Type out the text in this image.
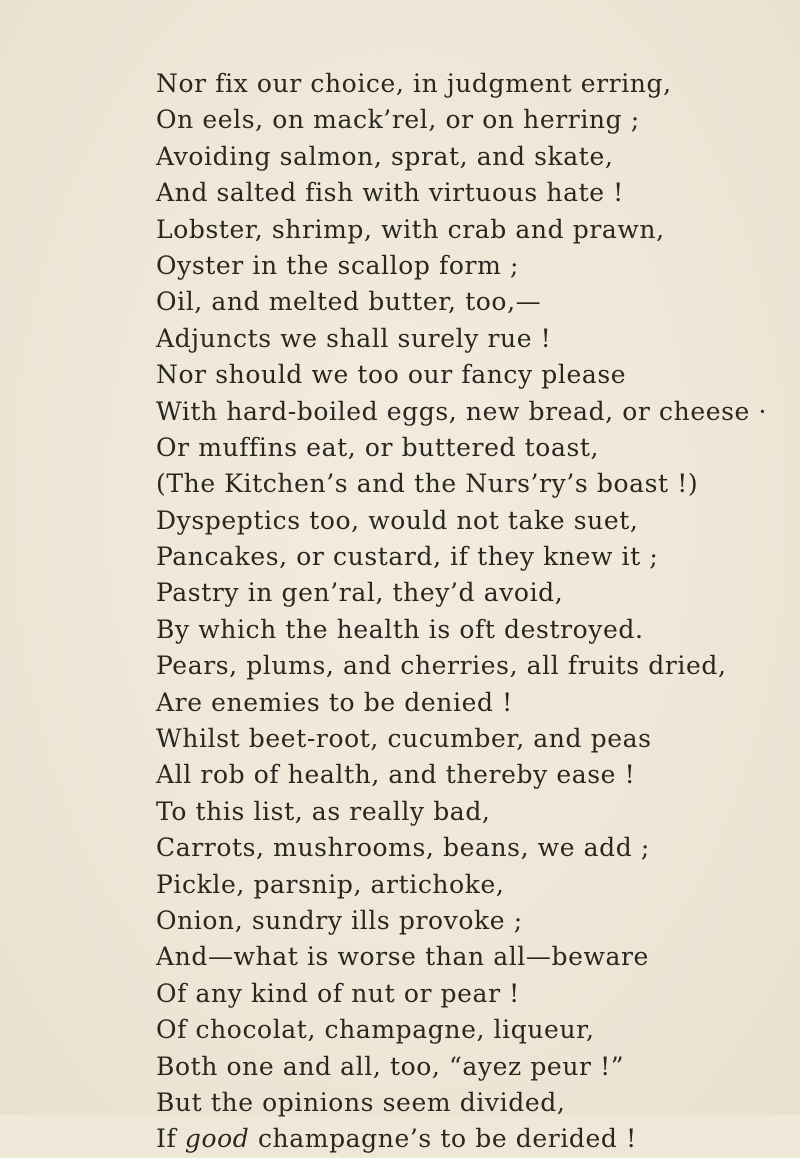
Nor fix our choice, in judgment erring,
On eels, on mack’rel, or on herring ;
Avoiding salmon, sprat, and skate,
And salted fish with virtuous hate !
Lobster, shrimp, with crab and prawn,
Oyster in the scallop form ;
Oil, and melted butter, too,—
Adjuncts we shall surely rue !
Nor should we too our fancy please
With hard-boiled eggs, new bread, or cheese ·
Or muffins eat, or buttered toast,
(The Kitchen’s and the Nurs’ry’s boast !)
Dyspeptics too, would not take suet,
Pancakes, or custard, if they knew it ;
Pastry in gen’ral, they’d avoid,
By which the health is oft destroyed.
Pears, plums, and cherries, all fruits dried,
Are enemies to be denied !
Whilst beet-root, cucumber, and peas
All rob of health, and thereby ease !
To this list, as really bad,
Carrots, mushrooms, beans, we add ;
Pickle, parsnip, artichoke,
Onion, sundry ills provoke ;
And—what is worse than all—beware
Of any kind of nut or pear !
Of chocolat, champagne, liqueur,
Both one and all, too, “ayez peur !”
But the opinions seem divided,
If good champagne’s to be derided !
